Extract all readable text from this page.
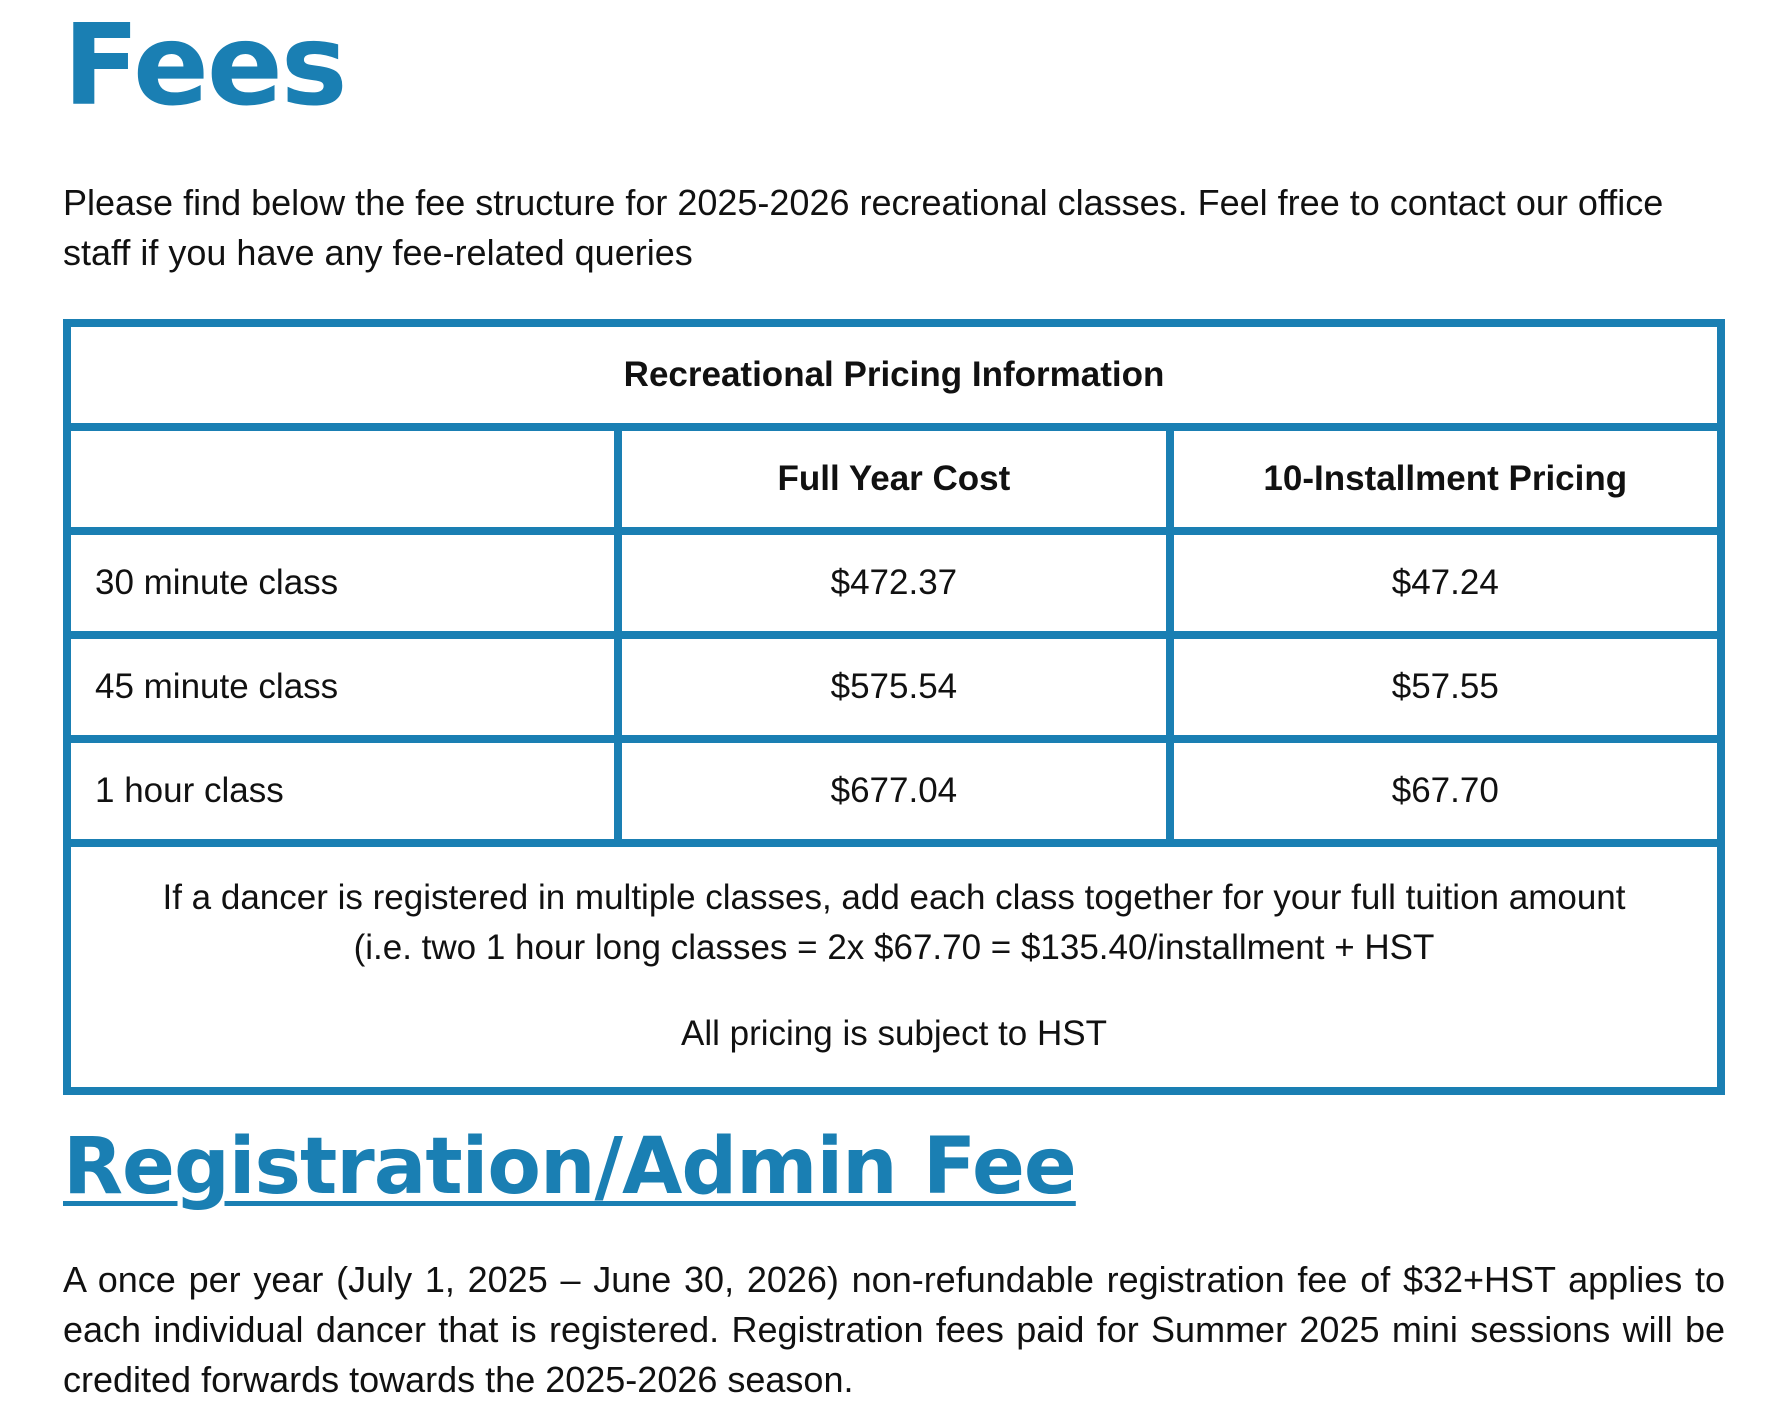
Fees

Please find below the fee structure for 2025-2026 recreational classes. Feel free to contact our office staff if you have any fee-related queries

Recreational Pricing Information		
	Full Year Cost	10-Installment Pricing
30 minute class	$472.37	$47.24
45 minute class	$575.54	$57.55
1 hour class	$677.04	$67.70

If a dancer is registered in multiple classes, add each class together for your full tuition amount
(i.e. two 1 hour long classes = 2x $67.70 = $135.40/installment + HST
All pricing is subject to HST		
Registration/Admin Fee

A once per year (July 1, 2025 – June 30, 2026) non-refundable registration fee of $32+HST applies to each individual dancer that is registered. Registration fees paid for Summer 2025 mini sessions will be credited forwards towards the 2025-2026 season.
